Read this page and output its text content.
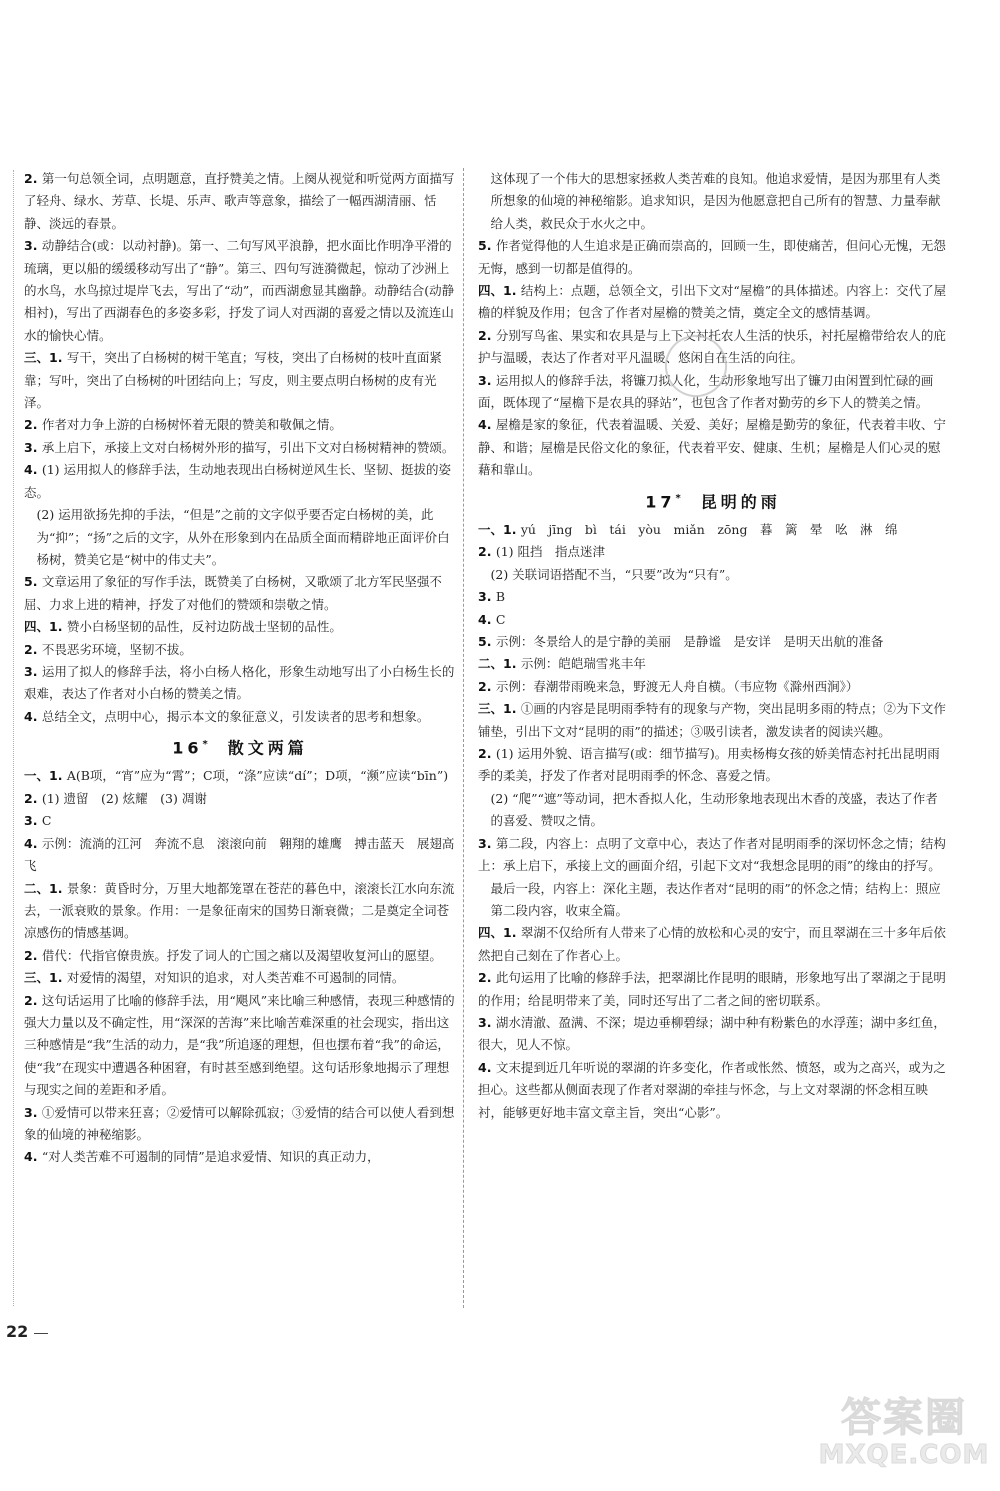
2. 第一句总领全词，点明题意，直抒赞美之情。上阕从视觉和听觉两方面描写了轻舟、绿水、芳草、长堤、乐声、歌声等意象，描绘了一幅西湖清丽、恬静、淡远的春景。

3. 动静结合(或：以动衬静)。第一、二句写风平浪静，把水面比作明净平滑的琉璃，更以船的缓缓移动写出了“静”。第三、四句写涟漪微起，惊动了沙洲上的水鸟，水鸟掠过堤岸飞去，写出了“动”，而西湖愈显其幽静。动静结合(动静相衬)，写出了西湖春色的多姿多彩，抒发了词人对西湖的喜爱之情以及流连山水的愉快心情。

三、1. 写干，突出了白杨树的树干笔直；写枝，突出了白杨树的枝叶直面紧靠；写叶，突出了白杨树的叶团结向上；写皮，则主要点明白杨树的皮有光泽。

2. 作者对力争上游的白杨树怀着无限的赞美和敬佩之情。

3. 承上启下，承接上文对白杨树外形的描写，引出下文对白杨树精神的赞颂。

4. (1) 运用拟人的修辞手法，生动地表现出白杨树逆风生长、坚韧、挺拔的姿态。

(2) 运用欲扬先抑的手法，“但是”之前的文字似乎要否定白杨树的美，此为“抑”；“扬”之后的文字，从外在形象到内在品质全面而精辟地正面评价白杨树，赞美它是“树中的伟丈夫”。

5. 文章运用了象征的写作手法，既赞美了白杨树，又歌颂了北方军民坚强不屈、力求上进的精神，抒发了对他们的赞颂和崇敬之情。

四、1. 赞小白杨坚韧的品性，反衬边防战士坚韧的品性。

2. 不畏恶劣环境，坚韧不拔。

3. 运用了拟人的修辞手法，将小白杨人格化，形象生动地写出了小白杨生长的艰难，表达了作者对小白杨的赞美之情。

4. 总结全文，点明中心，揭示本文的象征意义，引发读者的思考和想象。

16*　 散文两篇

一、1. A(B项，“宵”应为“霄”；C项，“涤”应读“dí”；D项，“濒”应读“bīn”)

2. (1) 遗留　(2) 炫耀　(3) 凋谢

3. C

4. 示例：流淌的江河　奔流不息　滚滚向前　翱翔的雄鹰　搏击蓝天　展翅高飞

二、1. 景象：黄昏时分，万里大地都笼罩在苍茫的暮色中，滚滚长江水向东流去，一派衰败的景象。作用：一是象征南宋的国势日渐衰微；二是奠定全词苍凉感伤的情感基调。

2. 借代：代指官僚贵族。抒发了词人的亡国之痛以及渴望收复河山的愿望。

三、1. 对爱情的渴望，对知识的追求，对人类苦难不可遏制的同情。

2. 这句话运用了比喻的修辞手法，用“飓风”来比喻三种感情，表现三种感情的强大力量以及不确定性，用“深深的苦海”来比喻苦难深重的社会现实，指出这三种感情是“我”生活的动力，是“我”所追逐的理想，但也摆布着“我”的命运，使“我”在现实中遭遇各种困窘，有时甚至感到绝望。这句话形象地揭示了理想与现实之间的差距和矛盾。

3. ①爱情可以带来狂喜；②爱情可以解除孤寂；③爱情的结合可以使人看到想象的仙境的神秘缩影。

4. “对人类苦难不可遏制的同情”是追求爱情、知识的真正动力，

这体现了一个伟大的思想家拯救人类苦难的良知。他追求爱情，是因为那里有人类所想象的仙境的神秘缩影。追求知识，是因为他愿意把自己所有的智慧、力量奉献给人类，救民众于水火之中。

5. 作者觉得他的人生追求是正确而崇高的，回顾一生，即使痛苦，但问心无愧，无怨无悔，感到一切都是值得的。

四、1. 结构上：点题，总领全文，引出下文对“屋檐”的具体描述。内容上：交代了屋檐的样貌及作用；包含了作者对屋檐的赞美之情，奠定全文的感情基调。

2. 分别写鸟雀、果实和农具是与上下文衬托农人生活的快乐，衬托屋檐带给农人的庇护与温暖，表达了作者对平凡温暖、悠闲自在生活的向往。

3. 运用拟人的修辞手法，将镰刀拟人化，生动形象地写出了镰刀由闲置到忙碌的画面，既体现了“屋檐下是农具的驿站”，也包含了作者对勤劳的乡下人的赞美之情。

4. 屋檐是家的象征，代表着温暖、关爱、美好；屋檐是勤劳的象征，代表着丰收、宁静、和谐；屋檐是民俗文化的象征，代表着平安、健康、生机；屋檐是人们心灵的慰藉和靠山。

17*　 昆明的雨

一、1. yú　jīng　bì　tái　yòu　miǎn　zōng　暮　篱　晕　吆　淋　绵

2. (1) 阻挡　指点迷津

(2) 关联词语搭配不当，“只要”改为“只有”。

3. B

4. C

5. 示例：冬景给人的是宁静的美丽　是静谧　是安详　是明天出航的准备

二、1. 示例：皑皑瑞雪兆丰年

2. 示例：春潮带雨晚来急，野渡无人舟自横。（韦应物《滁州西涧》）

三、1. ①画的内容是昆明雨季特有的现象与产物，突出昆明多雨的特点；②为下文作铺垫，引出下文对“昆明的雨”的描述；③吸引读者，激发读者的阅读兴趣。

2. (1) 运用外貌、语言描写(或：细节描写)。用卖杨梅女孩的娇美情态衬托出昆明雨季的柔美，抒发了作者对昆明雨季的怀念、喜爱之情。

(2) “爬”“遮”等动词，把木香拟人化，生动形象地表现出木香的茂盛，表达了作者的喜爱、赞叹之情。

3. 第二段，内容上：点明了文章中心，表达了作者对昆明雨季的深切怀念之情；结构上：承上启下，承接上文的画面介绍，引起下文对“我想念昆明的雨”的缘由的抒写。

最后一段，内容上：深化主题，表达作者对“昆明的雨”的怀念之情；结构上：照应第二段内容，收束全篇。

四、1. 翠湖不仅给所有人带来了心情的放松和心灵的安宁，而且翠湖在三十多年后依然把自己刻在了作者心上。

2. 此句运用了比喻的修辞手法，把翠湖比作昆明的眼睛，形象地写出了翠湖之于昆明的作用；给昆明带来了美，同时还写出了二者之间的密切联系。

3. 湖水清澈、盈满、不深；堤边垂柳碧绿；湖中种有粉紫色的水浮莲；湖中多红鱼，很大，见人不惊。

4. 文末提到近几年听说的翠湖的许多变化，作者或怅然、愤怒，或为之高兴，或为之担心。这些都从侧面表现了作者对翠湖的牵挂与怀念，与上文对翠湖的怀念相互映衬，能够更好地丰富文章主旨，突出“心影”。

22
答案圈
MXQE.COM
